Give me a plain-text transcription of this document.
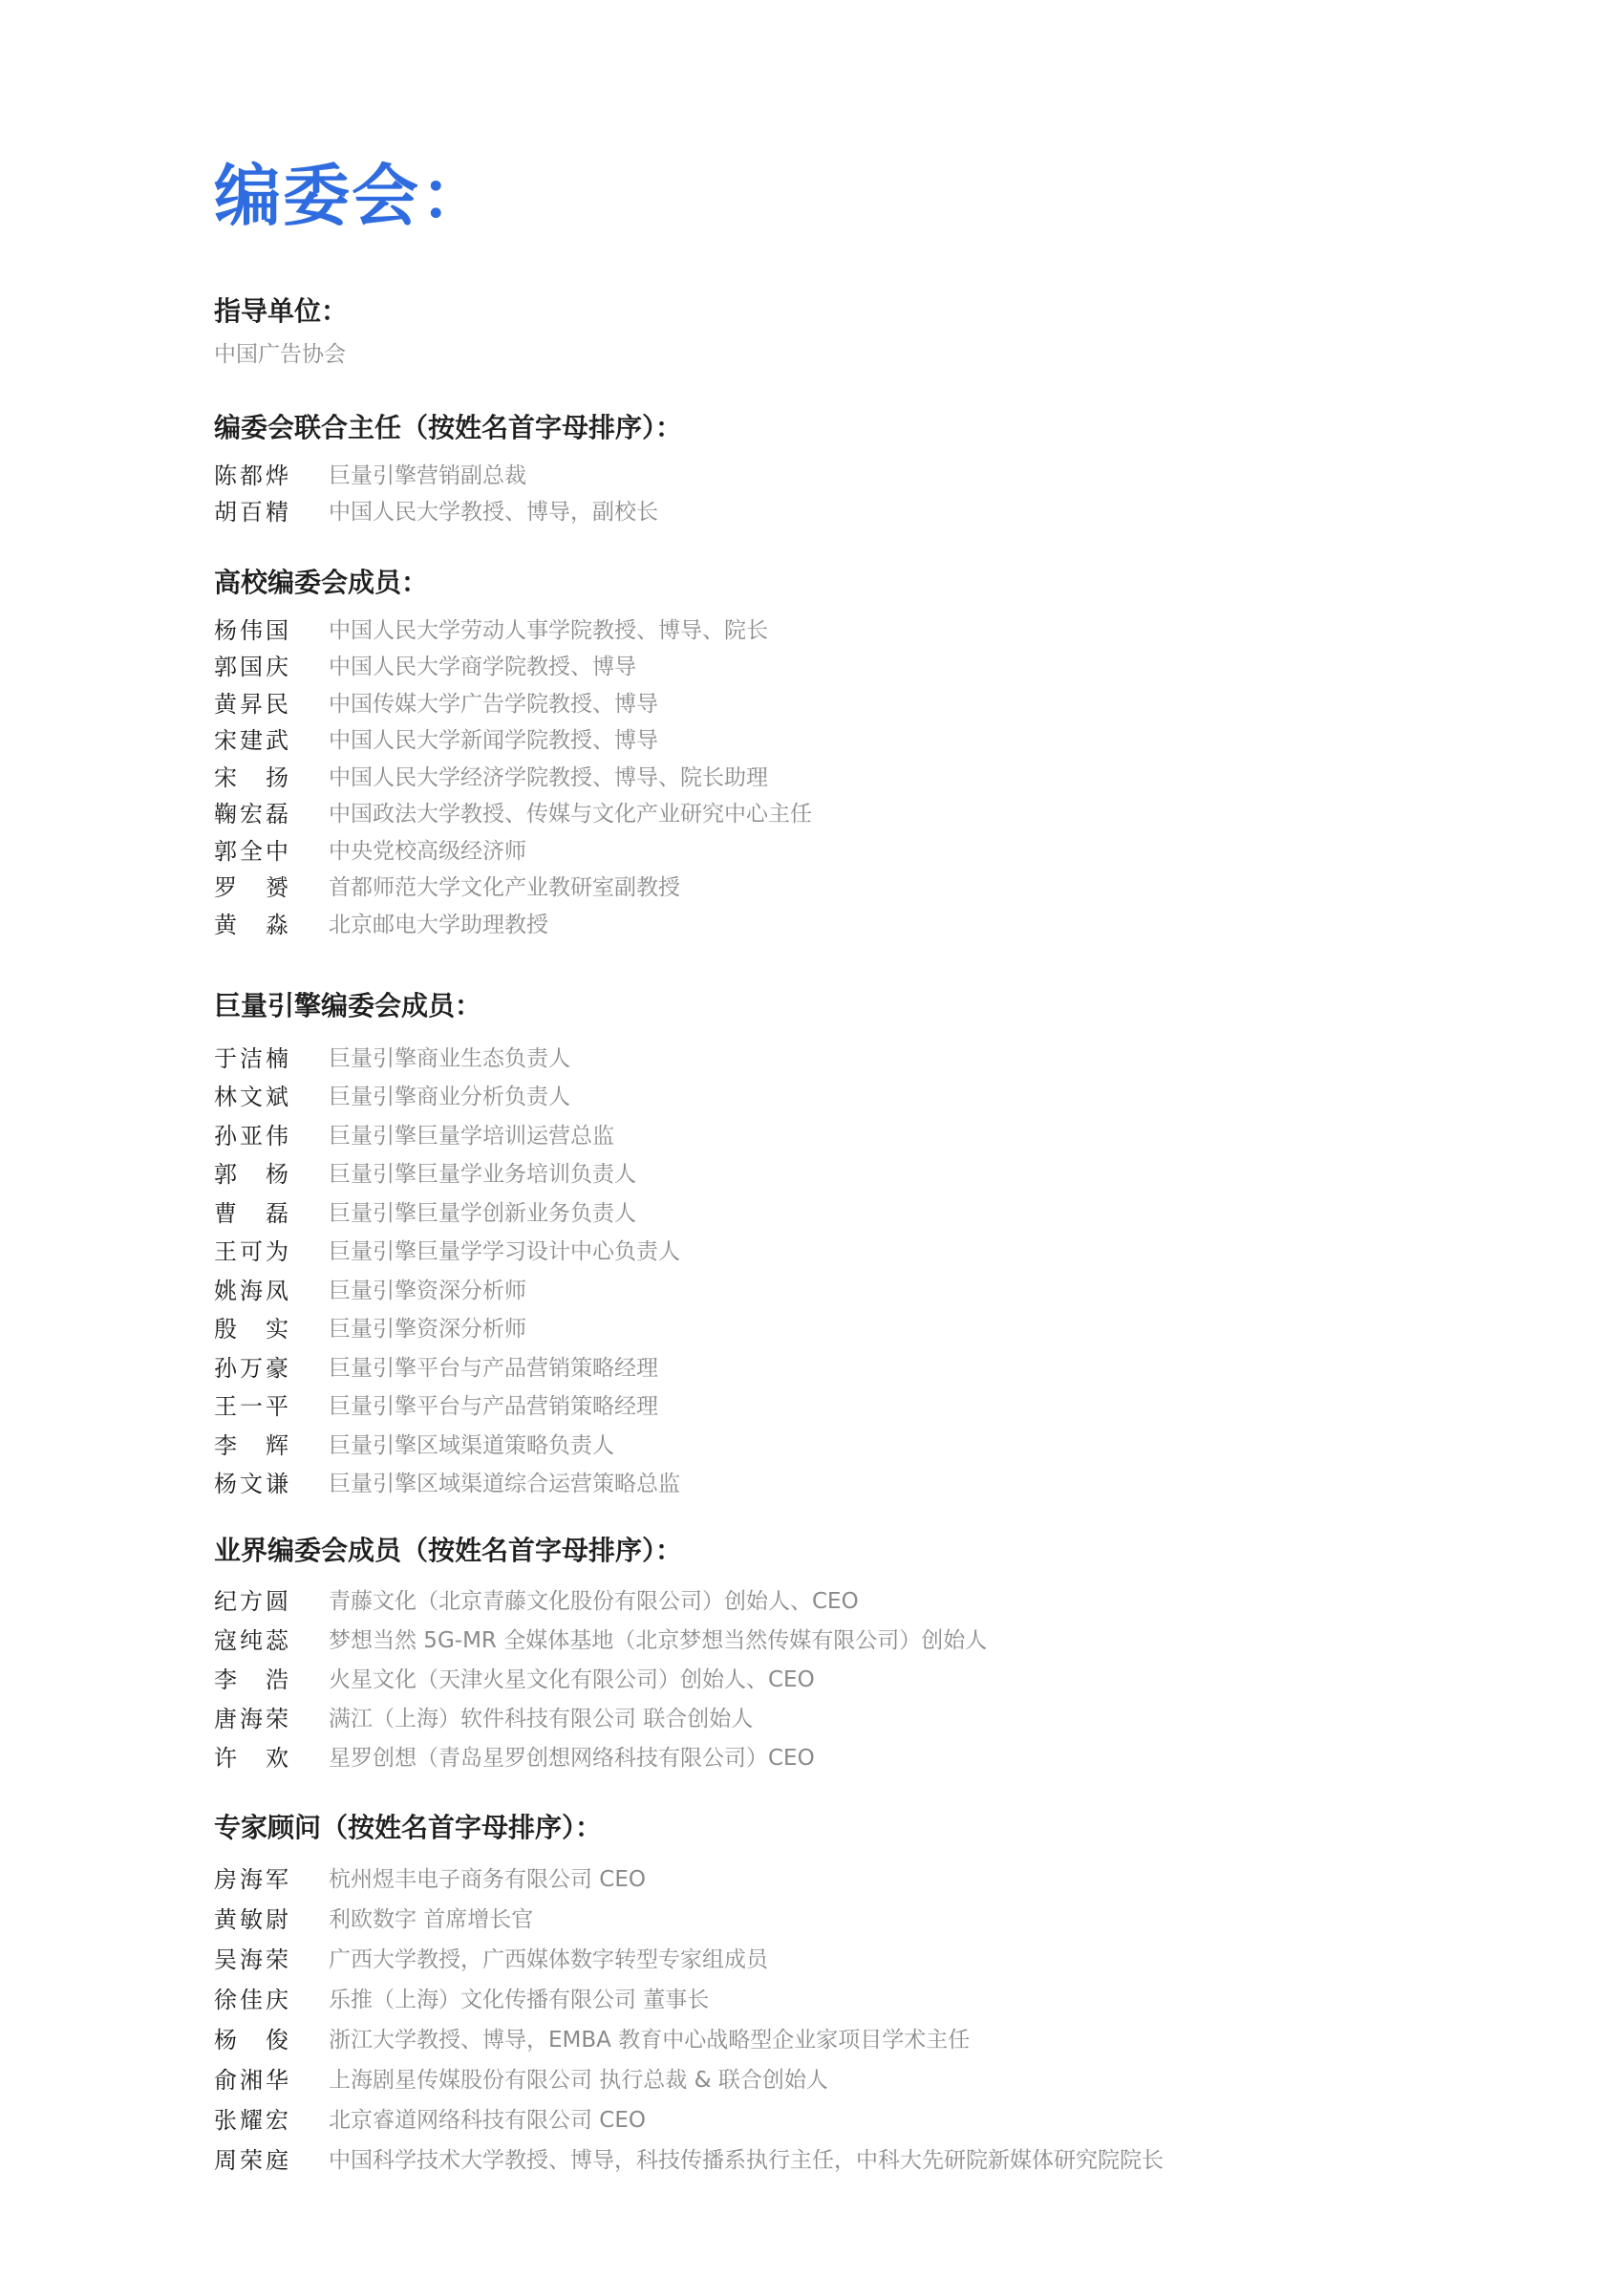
编委会：
指导单位：

中国广告协会

编委会联合主任（按姓名首字母排序）：
陈都烨	巨量引擎营销副总裁
胡百精	中国人民大学教授、博导，副校长
高校编委会成员：
杨伟国	中国人民大学劳动人事学院教授、博导、院长
郭国庆	中国人民大学商学院教授、博导
黄昇民	中国传媒大学广告学院教授、博导
宋建武	中国人民大学新闻学院教授、博导
宋　扬	中国人民大学经济学院教授、博导、院长助理
鞠宏磊	中国政法大学教授、传媒与文化产业研究中心主任
郭全中	中央党校高级经济师
罗　赟	首都师范大学文化产业教研室副教授
黄　淼	北京邮电大学助理教授
巨量引擎编委会成员：
于洁楠	巨量引擎商业生态负责人
林文斌	巨量引擎商业分析负责人
孙亚伟	巨量引擎巨量学培训运营总监
郭　杨	巨量引擎巨量学业务培训负责人
曹　磊	巨量引擎巨量学创新业务负责人
王可为	巨量引擎巨量学学习设计中心负责人
姚海凤	巨量引擎资深分析师
殷　实	巨量引擎资深分析师
孙万豪	巨量引擎平台与产品营销策略经理
王一平	巨量引擎平台与产品营销策略经理
李　辉	巨量引擎区域渠道策略负责人
杨文谦	巨量引擎区域渠道综合运营策略总监
业界编委会成员（按姓名首字母排序）：
纪方圆	青藤文化（北京青藤文化股份有限公司）创始人、CEO
寇纯蕊	梦想当然 5G-MR 全媒体基地（北京梦想当然传媒有限公司）创始人
李　浩	火星文化（天津火星文化有限公司）创始人、CEO
唐海荣	满江（上海）软件科技有限公司 联合创始人
许　欢	星罗创想（青岛星罗创想网络科技有限公司）CEO
专家顾问（按姓名首字母排序）：
房海军	杭州煜丰电子商务有限公司 CEO
黄敏尉	利欧数字 首席增长官
吴海荣	广西大学教授，广西媒体数字转型专家组成员
徐佳庆	乐推（上海）文化传播有限公司 董事长
杨　俊	浙江大学教授、博导，EMBA 教育中心战略型企业家项目学术主任
俞湘华	上海剧星传媒股份有限公司 执行总裁 & 联合创始人
张耀宏	北京睿道网络科技有限公司 CEO
周荣庭	中国科学技术大学教授、博导，科技传播系执行主任，中科大先研院新媒体研究院院长
